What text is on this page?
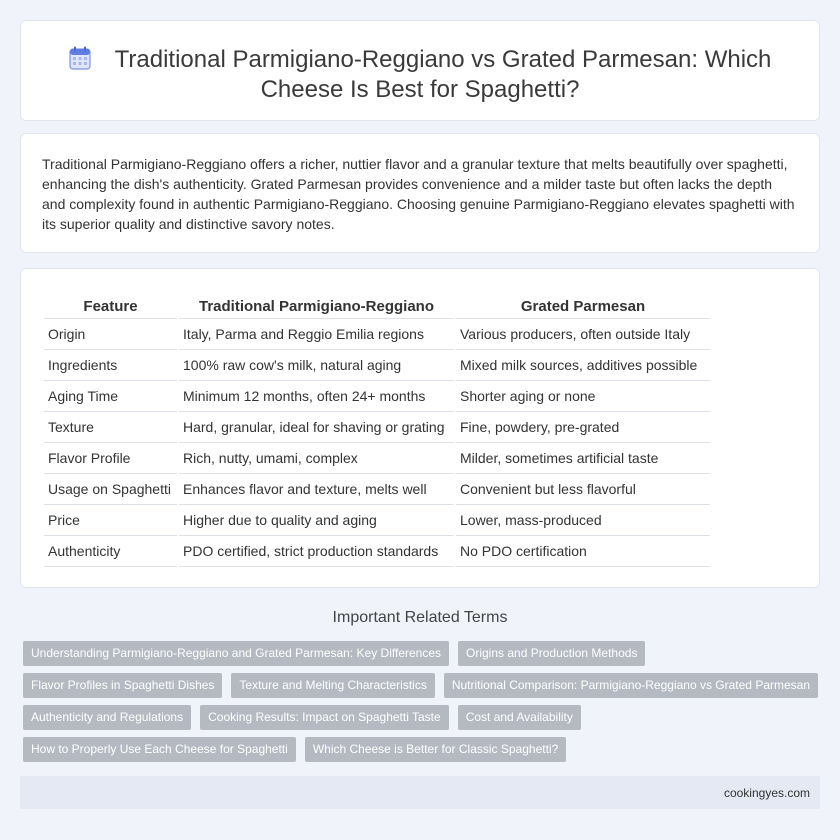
Traditional Parmigiano-Reggiano vs Grated Parmesan: Which
Cheese Is Best for Spaghetti?

Traditional Parmigiano-Reggiano offers a richer, nuttier flavor and a granular texture that melts beautifully over spaghetti, enhancing the dish's authenticity. Grated Parmesan provides convenience and a milder taste but often lacks the depth and complexity found in authentic Parmigiano-Reggiano. Choosing genuine Parmigiano-Reggiano elevates spaghetti with its superior quality and distinctive savory notes.

Feature	Traditional Parmigiano-Reggiano	Grated Parmesan
Origin	Italy, Parma and Reggio Emilia regions	Various producers, often outside Italy
Ingredients	100% raw cow's milk, natural aging	Mixed milk sources, additives possible
Aging Time	Minimum 12 months, often 24+ months	Shorter aging or none
Texture	Hard, granular, ideal for shaving or grating	Fine, powdery, pre-grated
Flavor Profile	Rich, nutty, umami, complex	Milder, sometimes artificial taste
Usage on Spaghetti	Enhances flavor and texture, melts well	Convenient but less flavorful
Price	Higher due to quality and aging	Lower, mass-produced
Authenticity	PDO certified, strict production standards	No PDO certification
Important Related Terms
Understanding Parmigiano-Reggiano and Grated Parmesan: Key Differences	Origins and Production Methods
Flavor Profiles in Spaghetti Dishes	Texture and Melting Characteristics	Nutritional Comparison: Parmigiano-Reggiano vs Grated Parmesan
Authenticity and Regulations	Cooking Results: Impact on Spaghetti Taste	Cost and Availability
How to Properly Use Each Cheese for Spaghetti	Which Cheese is Better for Classic Spaghetti?
cookingyes.com
